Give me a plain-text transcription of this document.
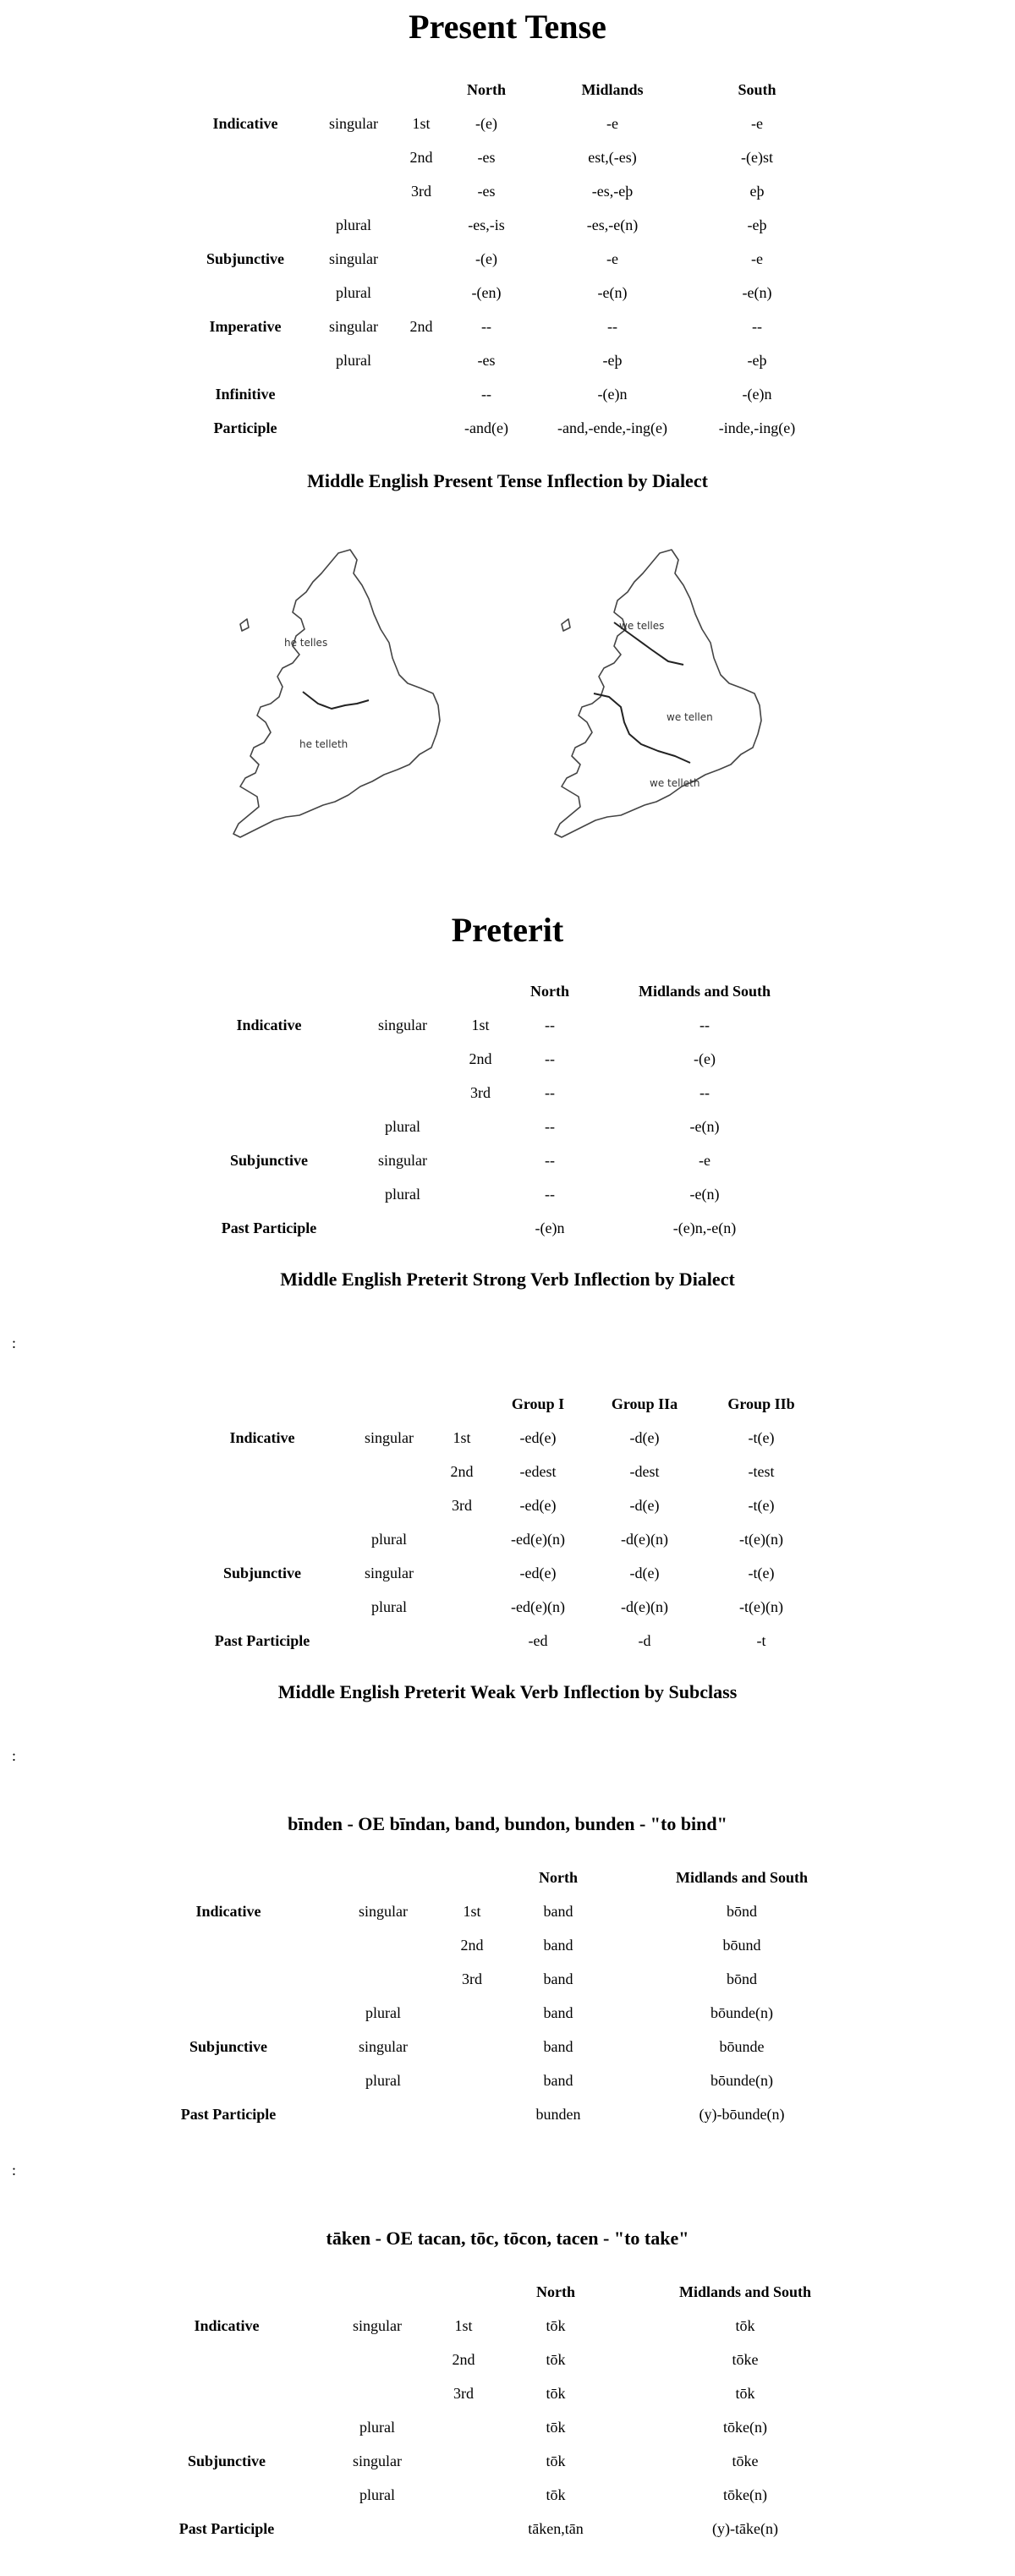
Present Tense
North	Midlands	South
Indicative	singular	1st	-(e)	-e	-e
2nd	-es	est,(-es)	-(e)st
3rd	-es	-es,-eþ	eþ
plural	-es,-is	-es,-e(n)	-eþ
Subjunctive	singular	-(e)	-e	-e
plural	-(en)	-e(n)	-e(n)
Imperative	singular	2nd	--	--	--
plural	-es	-eþ	-eþ
Infinitive	--	-(e)n	-(e)n
Participle	-and(e)	-and,-ende,-ing(e)	-inde,-ing(e)
Middle English Present Tense Inflection by Dialect
he telles
he telleth
we telles
we tellen
we telleth
Preterit
North	Midlands and South
Indicative	singular	1st	--	--
2nd	--	-(e)
3rd	--	--
plural	--	-e(n)
Subjunctive	singular	--	-e
plural	--	-e(n)
Past Participle	-(e)n	-(e)n,-e(n)
Middle English Preterit Strong Verb Inflection by Dialect
:
Group I	Group IIa	Group IIb
Indicative	singular	1st	-ed(e)	-d(e)	-t(e)
2nd	-edest	-dest	-test
3rd	-ed(e)	-d(e)	-t(e)
plural	-ed(e)(n)	-d(e)(n)	-t(e)(n)
Subjunctive	singular	-ed(e)	-d(e)	-t(e)
plural	-ed(e)(n)	-d(e)(n)	-t(e)(n)
Past Participle	-ed	-d	-t
Middle English Preterit Weak Verb Inflection by Subclass
:
bīnden - OE bīndan, band, bundon, bunden - "to bind"
North	Midlands and South
Indicative	singular	1st	band	bōnd
2nd	band	bōund
3rd	band	bōnd
plural	band	bōunde(n)
Subjunctive	singular	band	bōunde
plural	band	bōunde(n)
Past Participle	bunden	(y)-bōunde(n)
:
tāken - OE tacan, tōc, tōcon, tacen - "to take"
North	Midlands and South
Indicative	singular	1st	tōk	tōk
2nd	tōk	tōke
3rd	tōk	tōk
plural	tōk	tōke(n)
Subjunctive	singular	tōk	tōke
plural	tōk	tōke(n)
Past Participle	tāken,tān	(y)-tāke(n)
